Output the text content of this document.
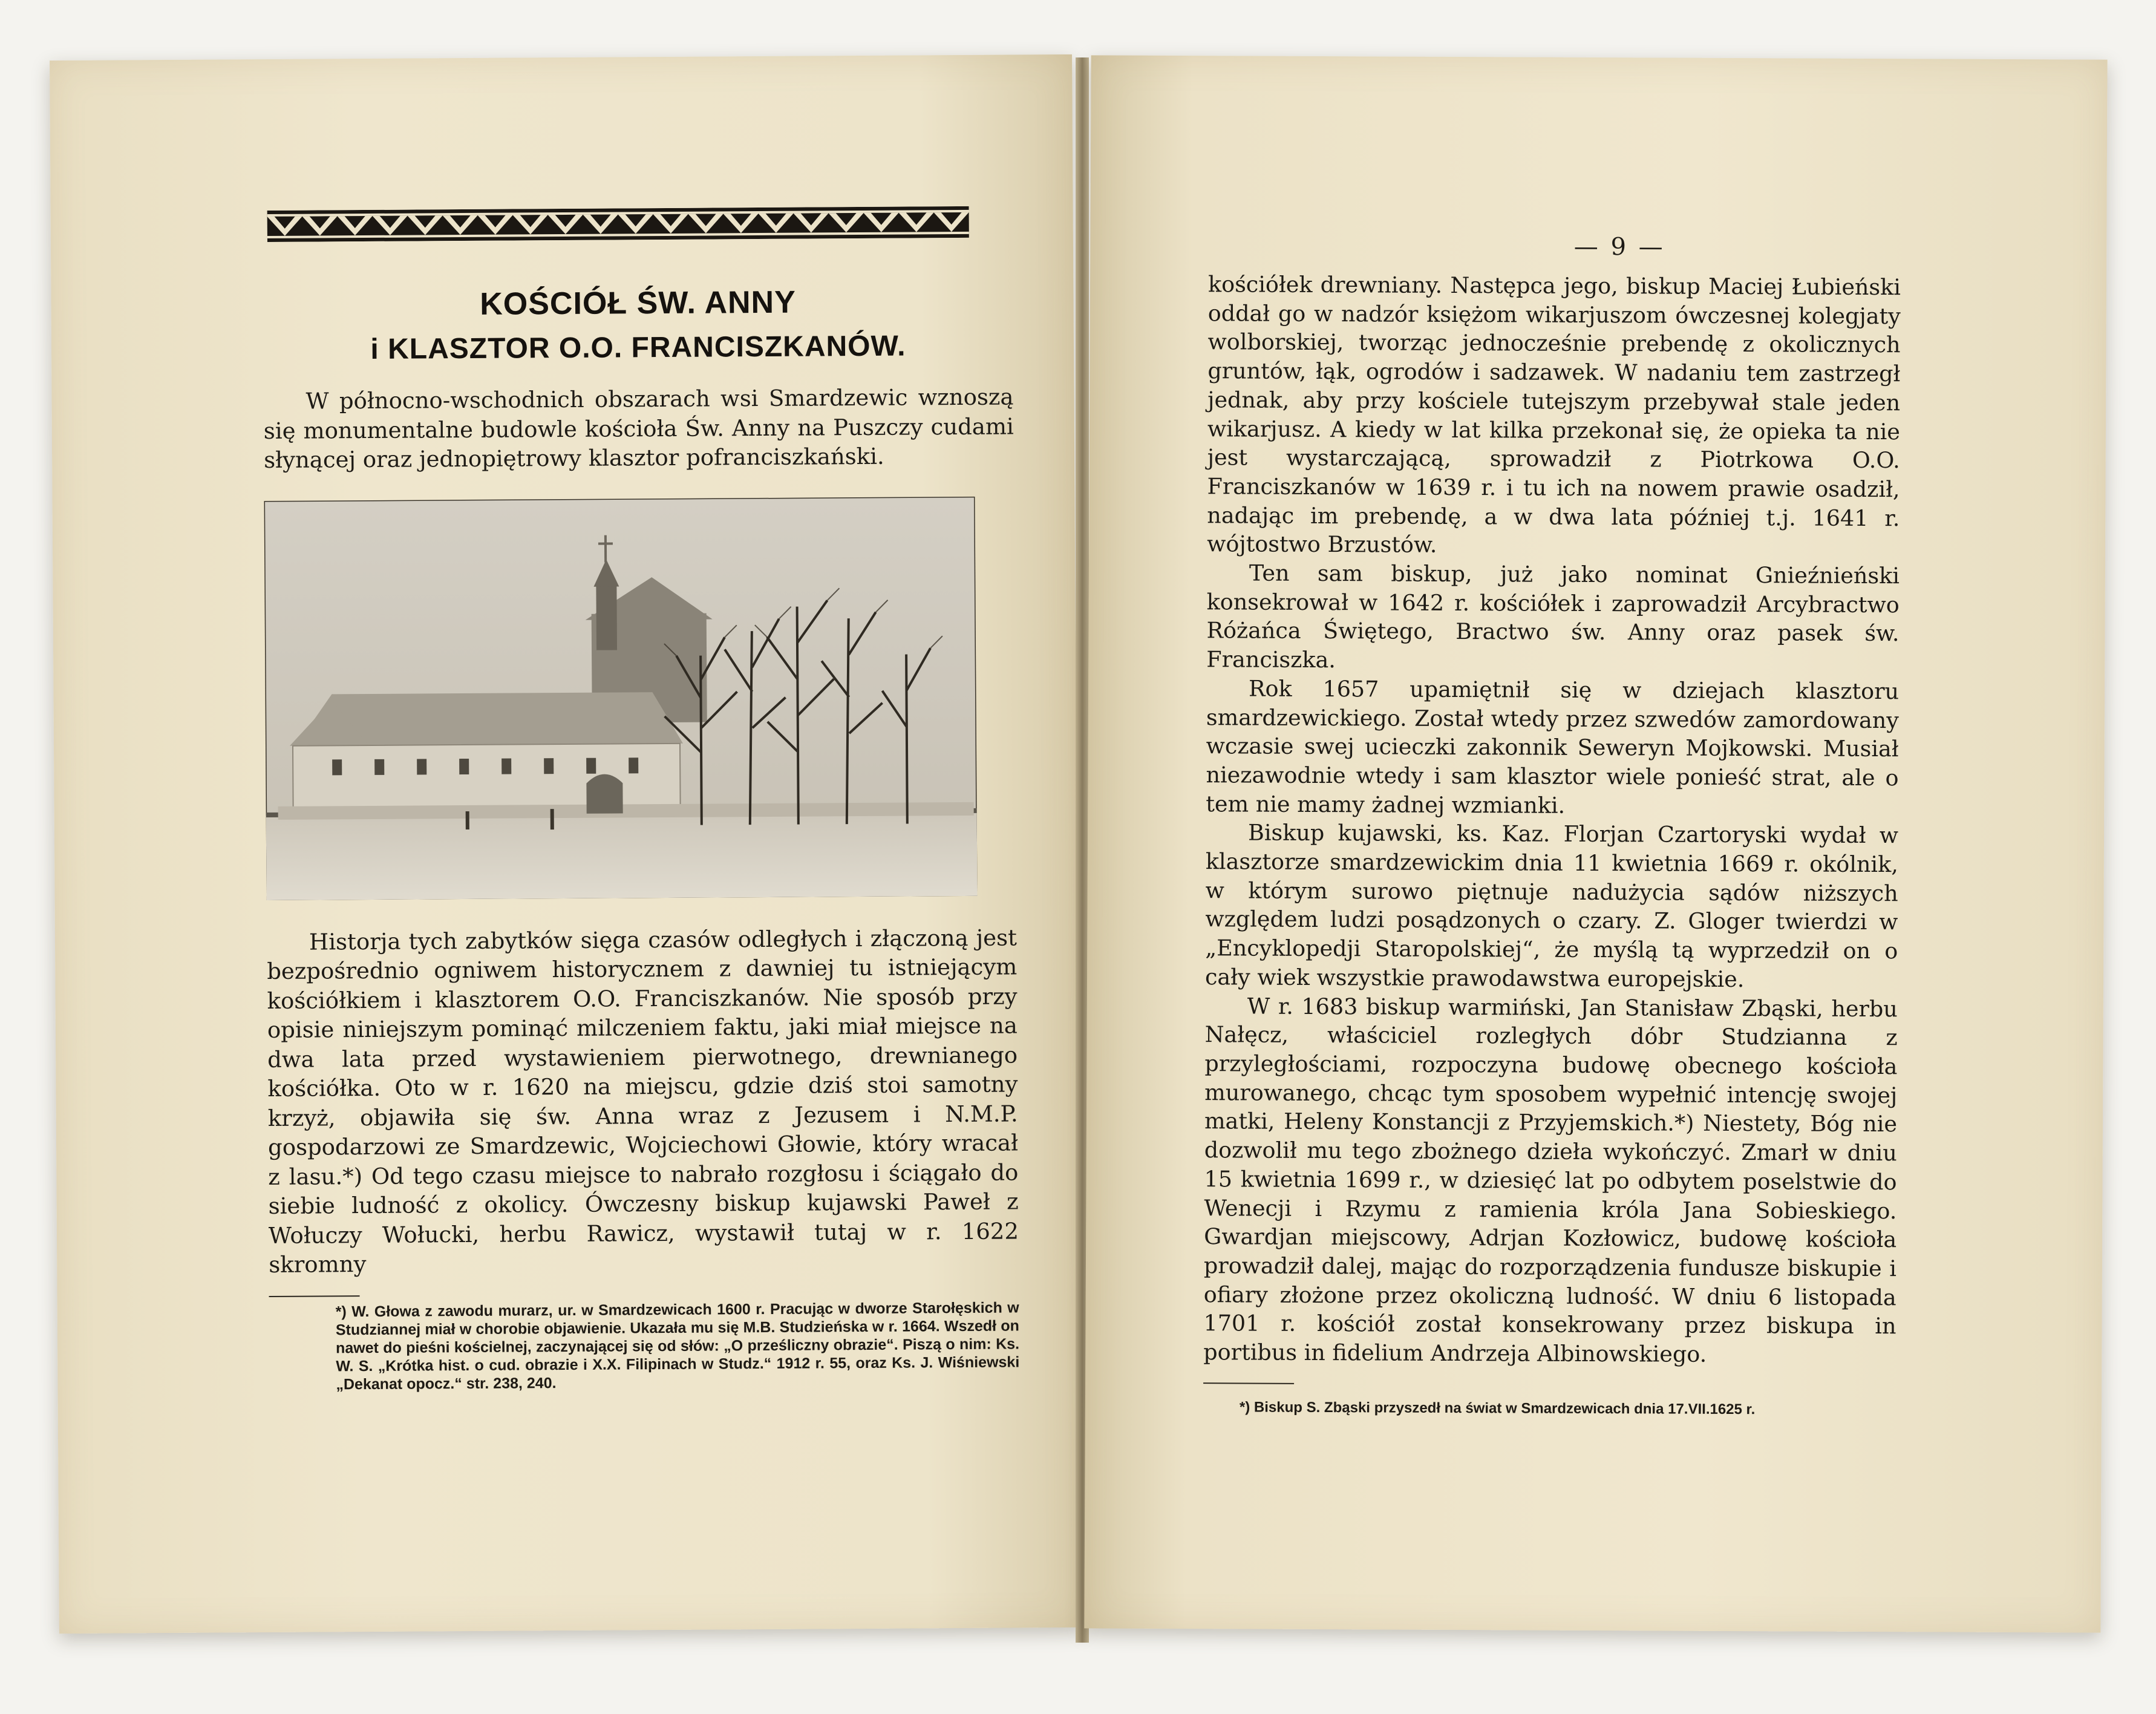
KOŚCIÓŁ ŚW. ANNY
i KLASZTOR O.O. FRANCISZKANÓW.

W północno-wschodnich obszarach wsi Smardzewic wznoszą się monumentalne budowle kościoła Św. Anny na Puszczy cudami słynącej oraz jednopiętrowy klasztor pofranciszkański.

Historja tych zabytków sięga czasów odległych i złączoną jest bezpośrednio ogniwem historycznem z dawniej tu istniejącym kościółkiem i klasztorem O.O. Franciszkanów. Nie sposób przy opisie niniejszym pominąć milczeniem faktu, jaki miał miejsce na dwa lata przed wystawieniem pierwotnego, drewnianego kościółka. Oto w r. 1620 na miejscu, gdzie dziś stoi samotny krzyż, objawiła się św. Anna wraz z Jezusem i N.M.P. gospodarzowi ze Smardzewic, Wojciechowi Głowie, który wracał z lasu.*) Od tego czasu miejsce to nabrało rozgłosu i ściągało do siebie ludność z okolicy. Ówczesny biskup kujawski Paweł z Wołuczy Wołucki, herbu Rawicz, wystawił tutaj w r. 1622 skromny

*) W. Głowa z zawodu murarz, ur. w Smardzewicach 1600 r. Pracując w dworze Starołęskich w Studziannej miał w chorobie objawienie. Ukazała mu się M.B. Studzieńska w r. 1664. Wszedł on nawet do pieśni kościelnej, zaczynającej się od słów: „O prześliczny obrazie“. Piszą o nim: Ks. W. S. „Krótka hist. o cud. obrazie i X.X. Filipinach w Studz.“ 1912 r. 55, oraz Ks. J. Wiśniewski „Dekanat opocz.“ str. 238, 240.
— 9 —

kościółek drewniany. Następca jego, biskup Maciej Łubieński oddał go w nadzór księżom wikarjuszom ówczesnej kolegjaty wolborskiej, tworząc jednocześnie prebendę z okolicznych gruntów, łąk, ogrodów i sadzawek. W nadaniu tem zastrzegł jednak, aby przy kościele tutejszym przebywał stale jeden wikarjusz. A kiedy w lat kilka przekonał się, że opieka ta nie jest wystarczającą, sprowadził z Piotrkowa O.O. Franciszkanów w 1639 r. i tu ich na nowem prawie osadził, nadając im prebendę, a w dwa lata później t.j. 1641 r. wójtostwo Brzustów.

Ten sam biskup, już jako nominat Gnieźnieński konsekrował w 1642 r. kościółek i zaprowadził Arcybractwo Różańca Świętego, Bractwo św. Anny oraz pasek św. Franciszka.

Rok 1657 upamiętnił się w dziejach klasztoru smardzewickiego. Został wtedy przez szwedów zamordowany wczasie swej ucieczki zakonnik Seweryn Mojkowski. Musiał niezawodnie wtedy i sam klasztor wiele ponieść strat, ale o tem nie mamy żadnej wzmianki.

Biskup kujawski, ks. Kaz. Florjan Czartoryski wydał w klasztorze smardzewickim dnia 11 kwietnia 1669 r. okólnik, w którym surowo piętnuje nadużycia sądów niższych względem ludzi posądzonych o czary. Z. Gloger twierdzi w „Encyklopedji Staropolskiej“, że myślą tą wyprzedził on o cały wiek wszystkie prawodawstwa europejskie.

W r. 1683 biskup warmiński, Jan Stanisław Zbąski, herbu Nałęcz, właściciel rozległych dóbr Studzianna z przyległościami, rozpoczyna budowę obecnego kościoła murowanego, chcąc tym sposobem wypełnić intencję swojej matki, Heleny Konstancji z Przyjemskich.*) Niestety, Bóg nie dozwolił mu tego zbożnego dzieła wykończyć. Zmarł w dniu 15 kwietnia 1699 r., w dziesięć lat po odbytem poselstwie do Wenecji i Rzymu z ramienia króla Jana Sobieskiego. Gwardjan miejscowy, Adrjan Kozłowicz, budowę kościoła prowadził dalej, mając do rozporządzenia fundusze biskupie i ofiary złożone przez okoliczną ludność. W dniu 6 listopada 1701 r. kościół został konsekrowany przez biskupa in portibus in fidelium Andrzeja Albinowskiego.

*) Biskup S. Zbąski przyszedł na świat w Smardzewicach dnia 17.VII.1625 r.
